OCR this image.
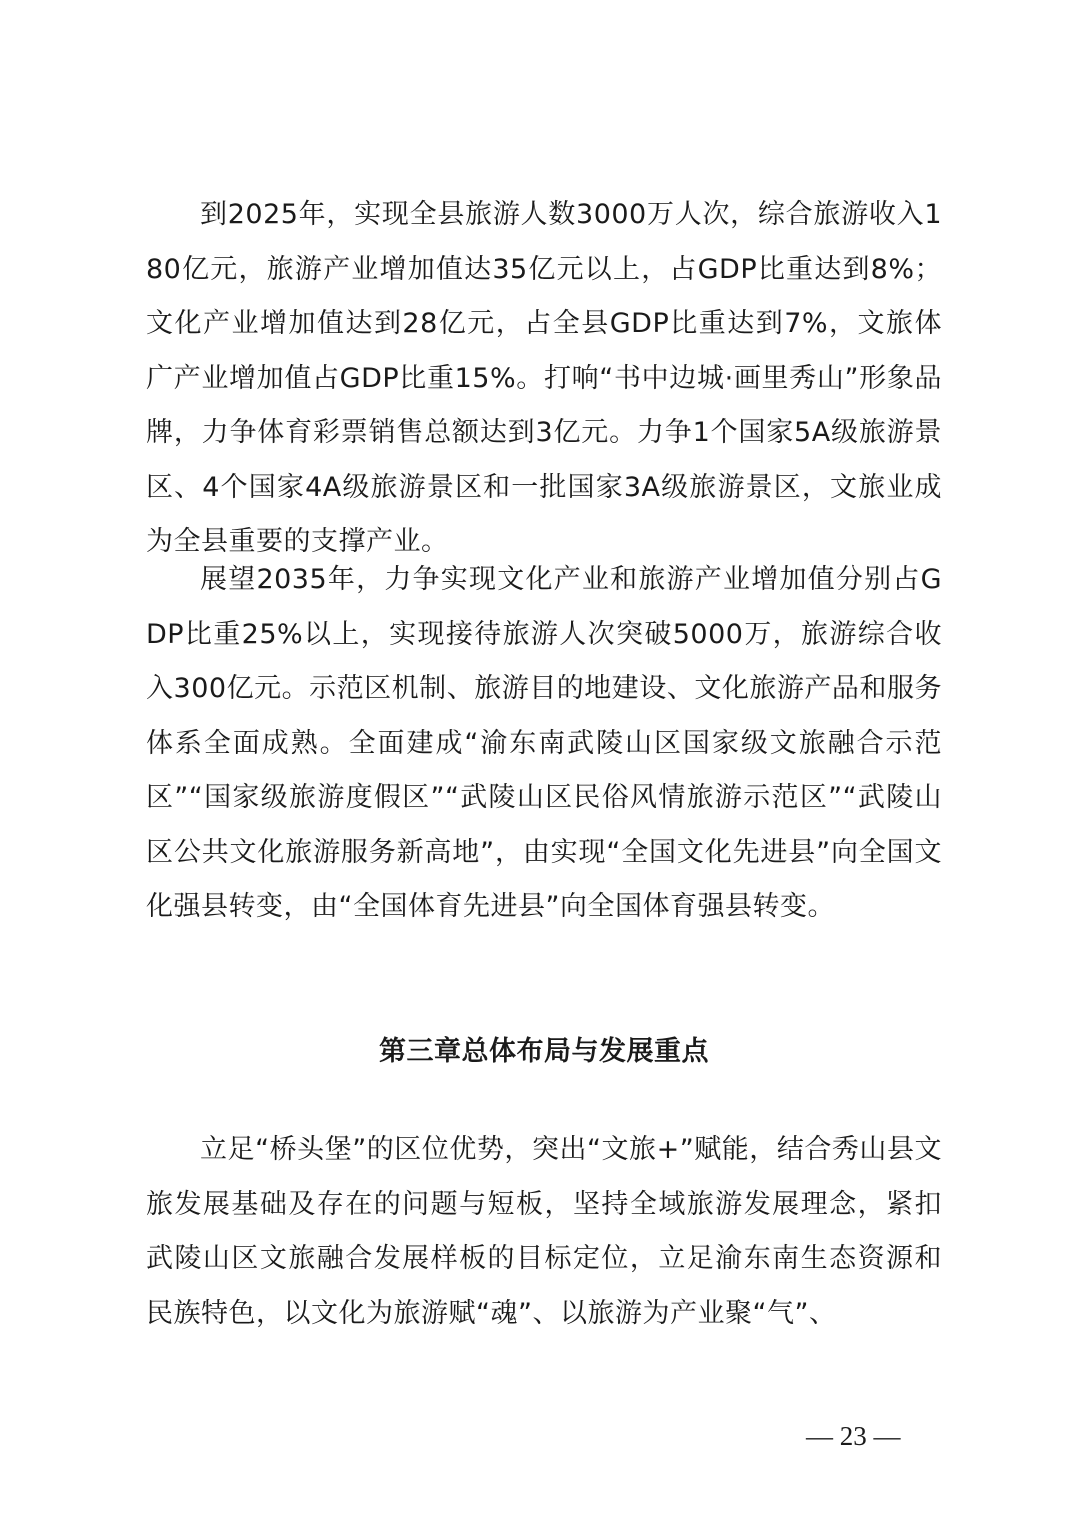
到2025年，实现全县旅游人数3000万人次，综合旅游收入180亿元，旅游产业增加值达35亿元以上，占GDP比重达到8%；文化产业增加值达到28亿元，占全县GDP比重达到7%，文旅体广产业增加值占GDP比重15%。打响“书中边城·画里秀山”形象品牌，力争体育彩票销售总额达到3亿元。力争1个国家5A级旅游景区、4个国家4A级旅游景区和一批国家3A级旅游景区，文旅业成为全县重要的支撑产业。

展望2035年，力争实现文化产业和旅游产业增加值分别占GDP比重25%以上，实现接待旅游人次突破5000万，旅游综合收入300亿元。示范区机制、旅游目的地建设、文化旅游产品和服务体系全面成熟。全面建成“渝东南武陵山区国家级文旅融合示范区”“国家级旅游度假区”“武陵山区民俗风情旅游示范区”“武陵山区公共文化旅游服务新高地”，由实现“全国文化先进县”向全国文化强县转变，由“全国体育先进县”向全国体育强县转变。

第三章总体布局与发展重点

立足“桥头堡”的区位优势，突出“文旅+”赋能，结合秀山县文旅发展基础及存在的问题与短板，坚持全域旅游发展理念，紧扣武陵山区文旅融合发展样板的目标定位，立足渝东南生态资源和民族特色，以文化为旅游赋“魂”、以旅游为产业聚“气”、

— 23 —
